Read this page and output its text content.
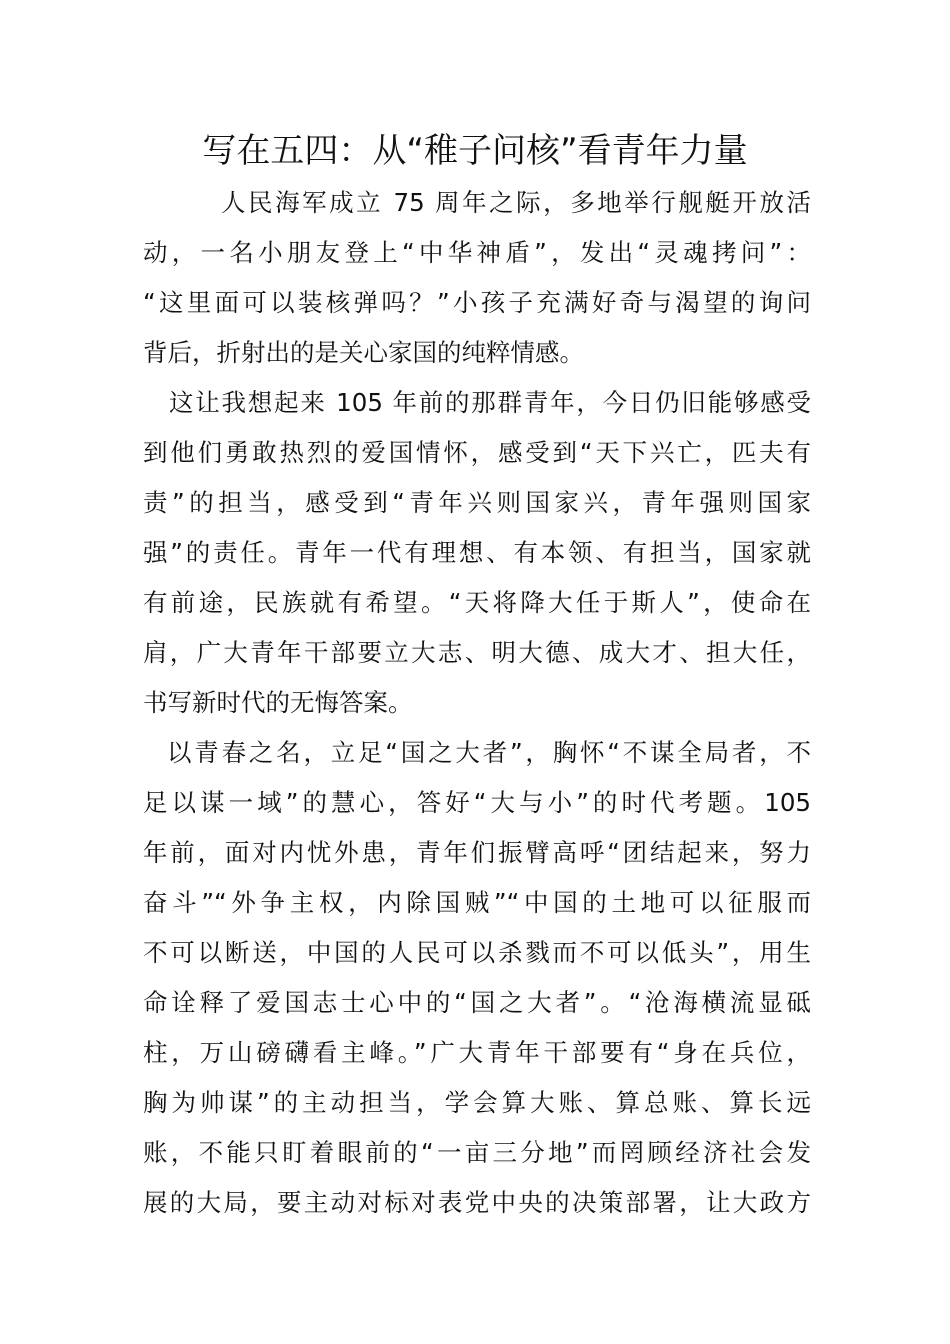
写在五四：从“稚子问核”看青年力量
人民海军成立 75 周年之际，多地举行舰艇开放活
动，一名小朋友登上“中华神盾”，发出“灵魂拷问”：
“这里面可以装核弹吗？”小孩子充满好奇与渴望的询问
背后，折射出的是关心家国的纯粹情感。
这让我想起来 105 年前的那群青年，今日仍旧能够感受
到他们勇敢热烈的爱国情怀，感受到“天下兴亡，匹夫有
责”的担当，感受到“青年兴则国家兴，青年强则国家
强”的责任。青年一代有理想、有本领、有担当，国家就
有前途，民族就有希望。“天将降大任于斯人”，使命在
肩，广大青年干部要立大志、明大德、成大才、担大任，
书写新时代的无悔答案。
以青春之名，立足“国之大者”，胸怀“不谋全局者，不
足以谋一域”的慧心，答好“大与小”的时代考题。105
年前，面对内忧外患，青年们振臂高呼“团结起来，努力
奋斗”“外争主权，内除国贼”“中国的土地可以征服而
不可以断送，中国的人民可以杀戮而不可以低头”，用生
命诠释了爱国志士心中的“国之大者”。“沧海横流显砥
柱，万山磅礴看主峰。”广大青年干部要有“身在兵位，
胸为帅谋”的主动担当，学会算大账、算总账、算长远
账，不能只盯着眼前的“一亩三分地”而罔顾经济社会发
展的大局，要主动对标对表党中央的决策部署，让大政方
